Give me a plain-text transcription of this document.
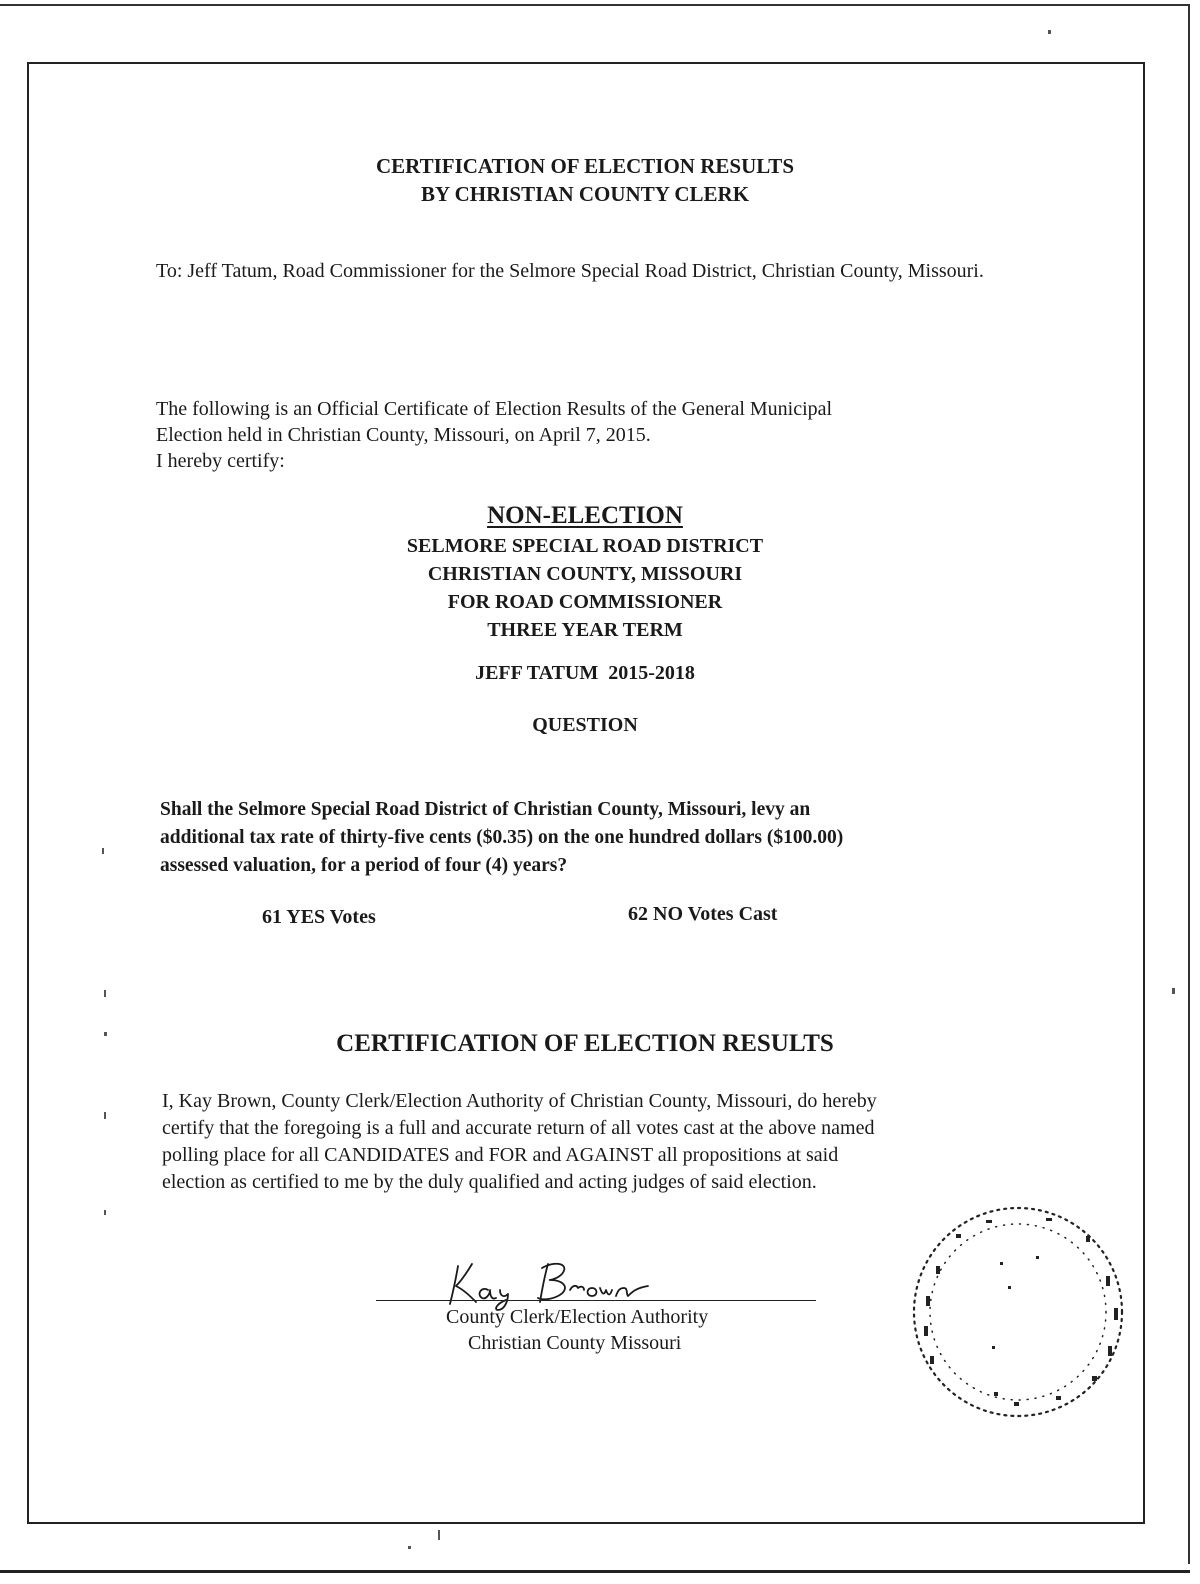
CERTIFICATION OF ELECTION RESULTS
BY CHRISTIAN COUNTY CLERK
To: Jeff Tatum, Road Commissioner for the Selmore Special Road District, Christian County, Missouri.
The following is an Official Certificate of Election Results of the General Municipal
Election held in Christian County, Missouri, on April 7, 2015.
I hereby certify:
NON-ELECTION
SELMORE SPECIAL ROAD DISTRICT
CHRISTIAN COUNTY, MISSOURI
FOR ROAD COMMISSIONER
THREE YEAR TERM
JEFF TATUM  2015-2018
QUESTION
Shall the Selmore Special Road District of Christian County, Missouri, levy an
additional tax rate of thirty-five cents ($0.35) on the one hundred dollars ($100.00)
assessed valuation, for a period of four (4) years?
61 YES Votes	62 NO Votes Cast
CERTIFICATION OF ELECTION RESULTS
I, Kay Brown, County Clerk/Election Authority of Christian County, Missouri, do hereby
certify that the foregoing is a full and accurate return of all votes cast at the above named
polling place for all CANDIDATES and FOR and AGAINST all propositions at said
election as certified to me by the duly qualified and acting judges of said election.
County Clerk/Election Authority
Christian County Missouri
